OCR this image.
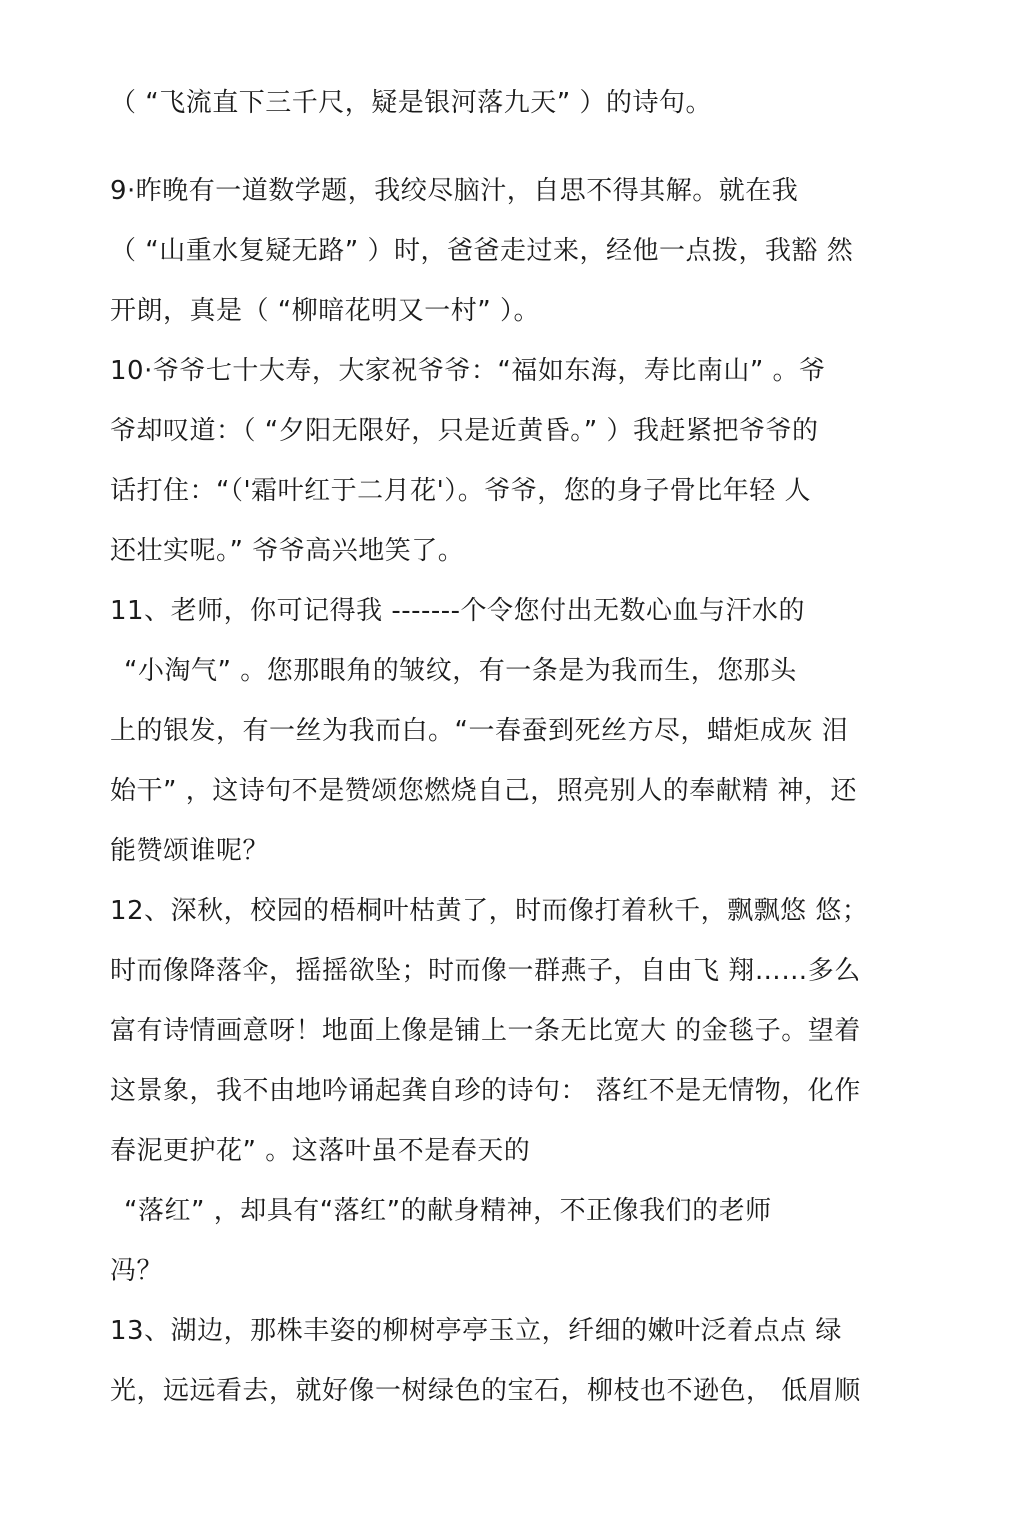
（ “飞流直下三千尺，疑是银河落九天” ）的诗句。
9·昨晚有一道数学题，我绞尽脑汁，自思不得其解。就在我
（ “山重水复疑无路” ）时，爸爸走过来，经他一点拨，我豁 然
开朗，真是（ “柳暗花明又一村” ）。
10·爷爷七十大寿，大家祝爷爷：“福如东海，寿比南山” 。爷
爷却叹道：（ “夕阳无限好，只是近黄昏。” ）我赶紧把爷爷的
话打住：“（'霜叶红于二月花'）。爷爷，您的身子骨比年轻 人
还壮实呢。” 爷爷高兴地笑了。
11、老师，你可记得我 -------个令您付出无数心血与汗水的
“小淘气” 。您那眼角的皱纹，有一条是为我而生，您那头
上的银发，有一丝为我而白。“一春蚕到死丝方尽，蜡炬成灰 泪
始干” ，这诗句不是赞颂您燃烧自己，照亮别人的奉献精 神，还
能赞颂谁呢？
12、深秋，校园的梧桐叶枯黄了，时而像打着秋千，飘飘悠 悠；
时而像降落伞，摇摇欲坠；时而像一群燕子，自由飞 翔……多么
富有诗情画意呀！地面上像是铺上一条无比宽大 的金毯子。望着
这景象，我不由地吟诵起龚自珍的诗句： 落红不是无情物，化作
春泥更护花” 。这落叶虽不是春天的
“落红” ，却具有“落红”的献身精神，不正像我们的老师
冯？
13、湖边，那株丰姿的柳树亭亭玉立，纤细的嫩叶泛着点点 绿
光，远远看去，就好像一树绿色的宝石，柳枝也不逊色， 低眉顺
